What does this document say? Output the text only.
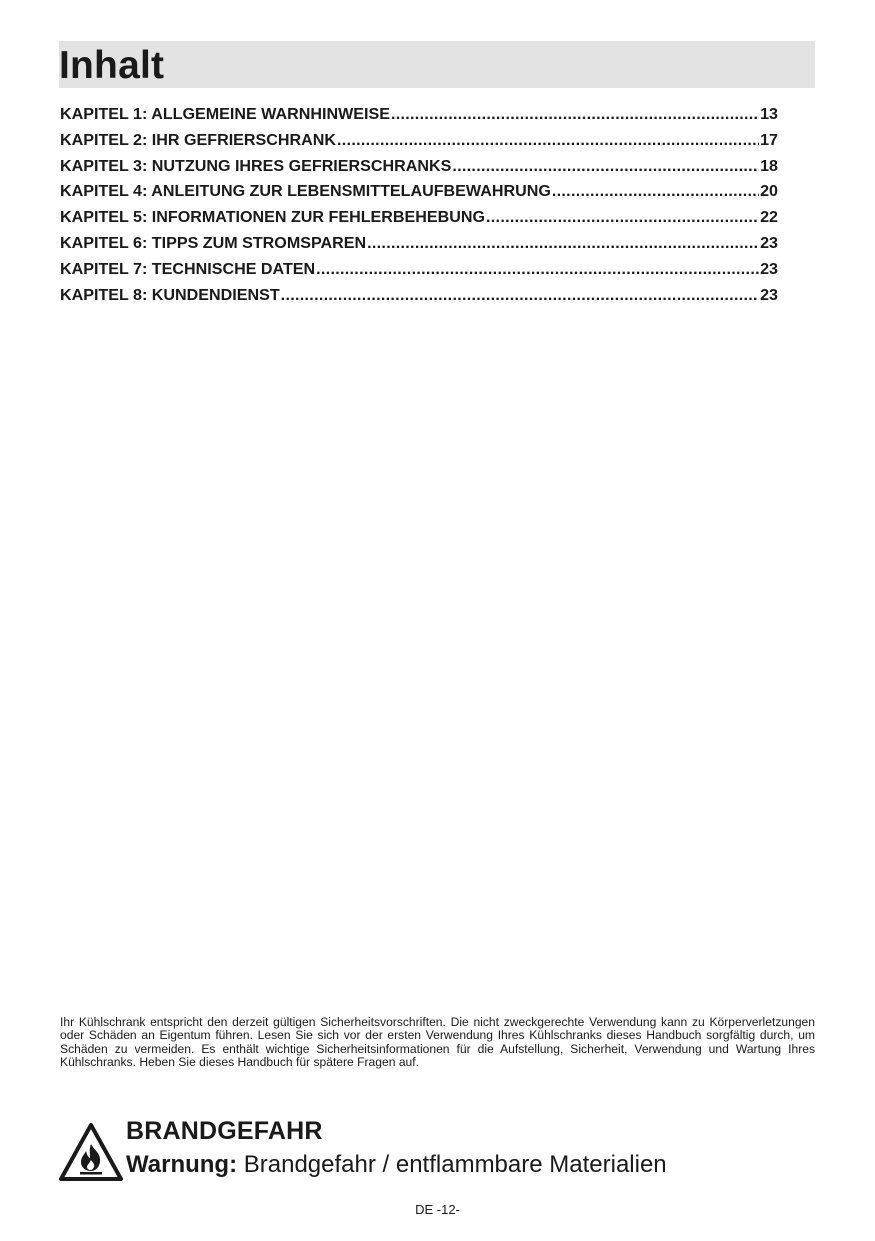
Inhalt
KAPITEL 1: ALLGEMEINE WARNHINWEISE .....	13
KAPITEL 2: IHR GEFRIERSCHRANK .....	17
KAPITEL 3: NUTZUNG IHRES GEFRIERSCHRANKS .....	18
KAPITEL 4: ANLEITUNG ZUR LEBENSMITTELAUFBEWAHRUNG .....	20
KAPITEL 5: INFORMATIONEN ZUR FEHLERBEHEBUNG .....	22
KAPITEL 6: TIPPS ZUM STROMSPAREN .....	23
KAPITEL 7: TECHNISCHE DATEN .....	23
KAPITEL 8: KUNDENDIENST .....	23

Ihr Kühlschrank entspricht den derzeit gültigen Sicherheitsvorschriften. Die nicht zweckgerechte Verwendung kann zu Körperverletzungen oder Schäden an Eigentum führen. Lesen Sie sich vor der ersten Verwendung Ihres Kühlschranks dieses Handbuch sorgfältig durch, um Schäden zu vermeiden. Es enthält wichtige Sicherheitsinformationen für die Aufstellung, Sicherheit, Verwendung und Wartung Ihres Kühlschranks. Heben Sie dieses Handbuch für spätere Fragen auf.

BRANDGEFAHR
Warnung: Brandgefahr / entflammbare Materialien
DE -12-
